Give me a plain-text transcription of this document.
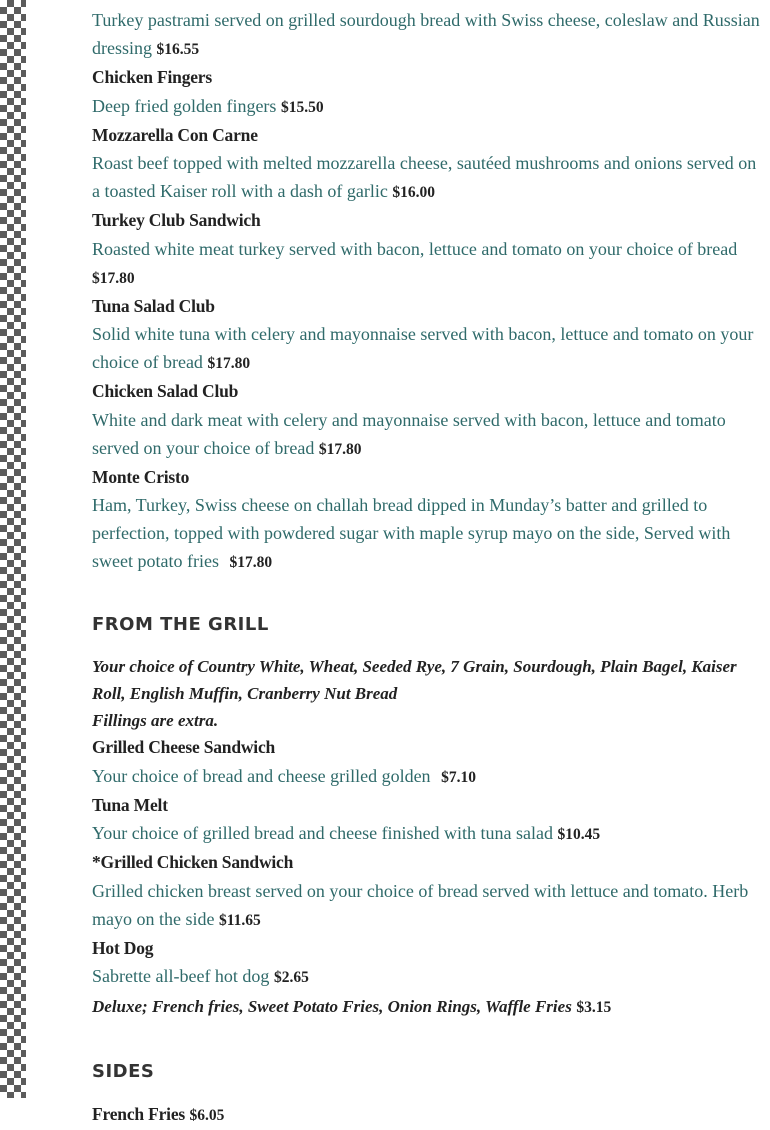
Turkey pastrami served on grilled sourdough bread with Swiss cheese, coleslaw and Russian dressing $16.55
Chicken Fingers
Deep fried golden fingers $15.50
Mozzarella Con Carne
Roast beef topped with melted mozzarella cheese, sautéed mushrooms and onions served on a toasted Kaiser roll with a dash of garlic $16.00
Turkey Club Sandwich
Roasted white meat turkey served with bacon, lettuce and tomato on your choice of bread $17.80
Tuna Salad Club
Solid white tuna with celery and mayonnaise served with bacon, lettuce and tomato on your choice of bread $17.80
Chicken Salad Club
White and dark meat with celery and mayonnaise served with bacon, lettuce and tomato served on your choice of bread $17.80
Monte Cristo
Ham, Turkey, Swiss cheese on challah bread dipped in Munday’s batter and grilled to perfection, topped with powdered sugar with maple syrup mayo on the side, Served with sweet potato fries $17.80
FROM THE GRILL
Your choice of Country White, Wheat, Seeded Rye, 7 Grain, Sourdough, Plain Bagel, Kaiser Roll, English Muffin, Cranberry Nut Bread
Fillings are extra.
Grilled Cheese Sandwich
Your choice of bread and cheese grilled golden $7.10
Tuna Melt
Your choice of grilled bread and cheese finished with tuna salad $10.45
*Grilled Chicken Sandwich
Grilled chicken breast served on your choice of bread served with lettuce and tomato. Herb mayo on the side $11.65
Hot Dog
Sabrette all-beef hot dog $2.65
Deluxe; French fries, Sweet Potato Fries, Onion Rings, Waffle Fries $3.15
SIDES
French Fries $6.05
